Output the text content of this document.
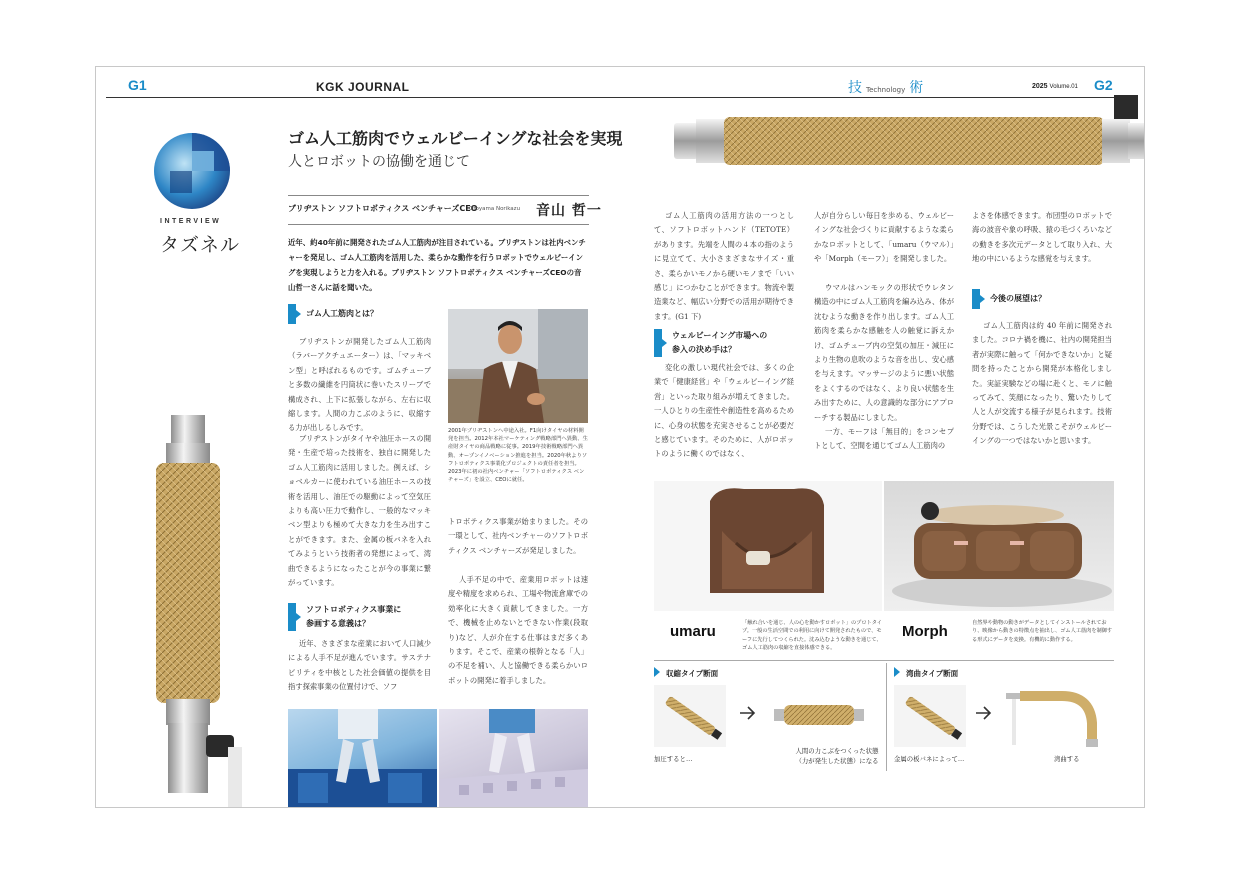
G1	KGK JOURNAL	技 Technology 術	2025 Volume.01 G2
INTERVIEW
タズネル
ゴム人工筋肉でウェルビーイングな社会を実現
人とロボットの協働を通じて
ブリヂストン ソフトロボティクス ベンチャーズCEO
Otoyama Norikazu 音山 哲一
近年、約40年前に開発されたゴム人工筋肉が注目されている。ブリヂストンは社内ベンチャーを発足し、ゴム人工筋肉を活用した、柔らかな動作を行うロボットでウェルビーイングを実現しようと力を入れる。ブリヂストン ソフトロボティクス ベンチャーズCEOの音山哲一さんに話を聞いた。
ゴム人工筋肉とは？
ブリヂストンが開発したゴム人工筋肉（ラバーアクチュエーター）は、「マッキベン型」と呼ばれるものです。ゴムチューブと多数の繊維を円筒状に巻いたスリーブで構成され、上下に拡張しながら、左右に収縮します。人間の力こぶのように、収縮する力が出しるしみです。
ブリヂストンがタイヤや油圧ホースの開発・生産で培った技術を、独自に開発したゴム人工筋肉に活用しました。例えば、ショベルカーに使われている油圧ホースの技術を活用し、油圧での駆動によって空気圧よりも高い圧力で動作し、一般的なマッキベン型よりも極めて大きな力を生み出すことができます。また、金属の板バネを入れてみようという技術者の発想によって、湾曲できるようになったことが今の事業に繋がっています。
ソフトロボティクス事業に
参画する意義は？
近年、さまざまな産業において人口減少による人手不足が進んでいます。サステナビリティを中核とした社会価値の提供を目指す探索事業の位置付けで、ソフ
2001年ブリヂストンへ中途入社。F1向けタイヤの材料開発を担当。2012年本社マーケティング戦略部門へ異動、生産財タイヤの商品戦略に従事。2019年技術戦略部門へ異動、オープンイノベーション推進を担当。2020年秋よりソフトロボティクス事業化プロジェクトの責任者を担当。2023年に初の社内ベンチャー「ソフトロボティクス ベンチャーズ」を設立、CEOに就任。
トロボティクス事業が始まりました。その一環として、社内ベンチャーのソフトロボティクス ベンチャーズが発足しました。
人手不足の中で、産業用ロボットは速度や精度を求められ、工場や物流倉庫での効率化に大きく貢献してきました。一方で、機械を止めないとできない作業(段取り)など、人が介在する仕事はまだ多くあります。そこで、産業の根幹となる「人」の不足を補い、人と協働できる柔らかいロボットの開発に着手しました。
ゴム人工筋肉の活用方法の一つとして、ソフトロボットハンド（TETOTE）があります。先端を人間の４本の指のように見立てて、大小さまざまなサイズ・重さ、柔らかいモノから硬いモノまで「いい感じ」につかむことができます。物流や製造業など、幅広い分野での活用が期待できます。(G1 下)
ウェルビーイング市場への
参入の決め手は？
変化の激しい現代社会では、多くの企業で「健康経営」や「ウェルビーイング経営」といった取り組みが増えてきました。一人ひとりの生産性や創造性を高めるために、心身の状態を充実させることが必要だと感じています。そのために、人がロボットのように働くのではなく、
人が自分らしい毎日を歩める、ウェルビーイングな社会づくりに貢献するような柔らかなロボットとして、「umaru（ウマル）」や「Morph（モーフ）」を開発しました。
ウマルはハンモックの形状でウレタン構造の中にゴム人工筋肉を編み込み、体が沈むような動きを作り出します。ゴム人工筋肉を柔らかな感触を人の触覚に訴えかけ、ゴムチューブ内の空気の加圧・減圧により生物の息吹のような音を出し、安心感を与えます。マッサージのように悪い状態をよくするのではなく、より良い状態を生み出すために、人の意識的な部分にアプローチする製品にしました。
一方、モーフは「無目的」をコンセプトとして、空間を通じてゴム人工筋肉の
よさを体感できます。布団型のロボットで海の波音や象の呼吸、猿の毛づくろいなどの動きを多次元データとして取り入れ、大地の中にいるような感覚を与えます。
今後の展望は？
ゴム人工筋肉は約 40 年前に開発されました。コロナ禍を機に、社内の開発担当者が実際に触って「何かできないか」と疑問を持ったことから開発が本格化しました。実証実験などの場に赴くと、モノに触ってみて、笑顔になったり、驚いたりして人と人が交流する様子が見られます。技術分野では、こうした光景こそがウェルビーイングの一つではないかと思います。
umaru	「触れ合いを通じ、人の心を動かすロボット」のプロトタイプ。一般の生活空間での利用に向けて開発されたもので、モーフに先行してつくられた。沈み込むような動きを通じて、ゴム人工筋肉の収縮を直接体感できる。
Morph	自然界や動物の動きがデータとしてインストールされており、映像から動きの特徴点を抽出し、ゴム人工筋肉を制御する形式にデータを変換。有機的に動作する。
収縮タイプ断面	湾曲タイプ断面
加圧すると…
人間の力こぶをつくった状態
（力が発生した状態）になる	金属の板バネによって…	湾曲する
